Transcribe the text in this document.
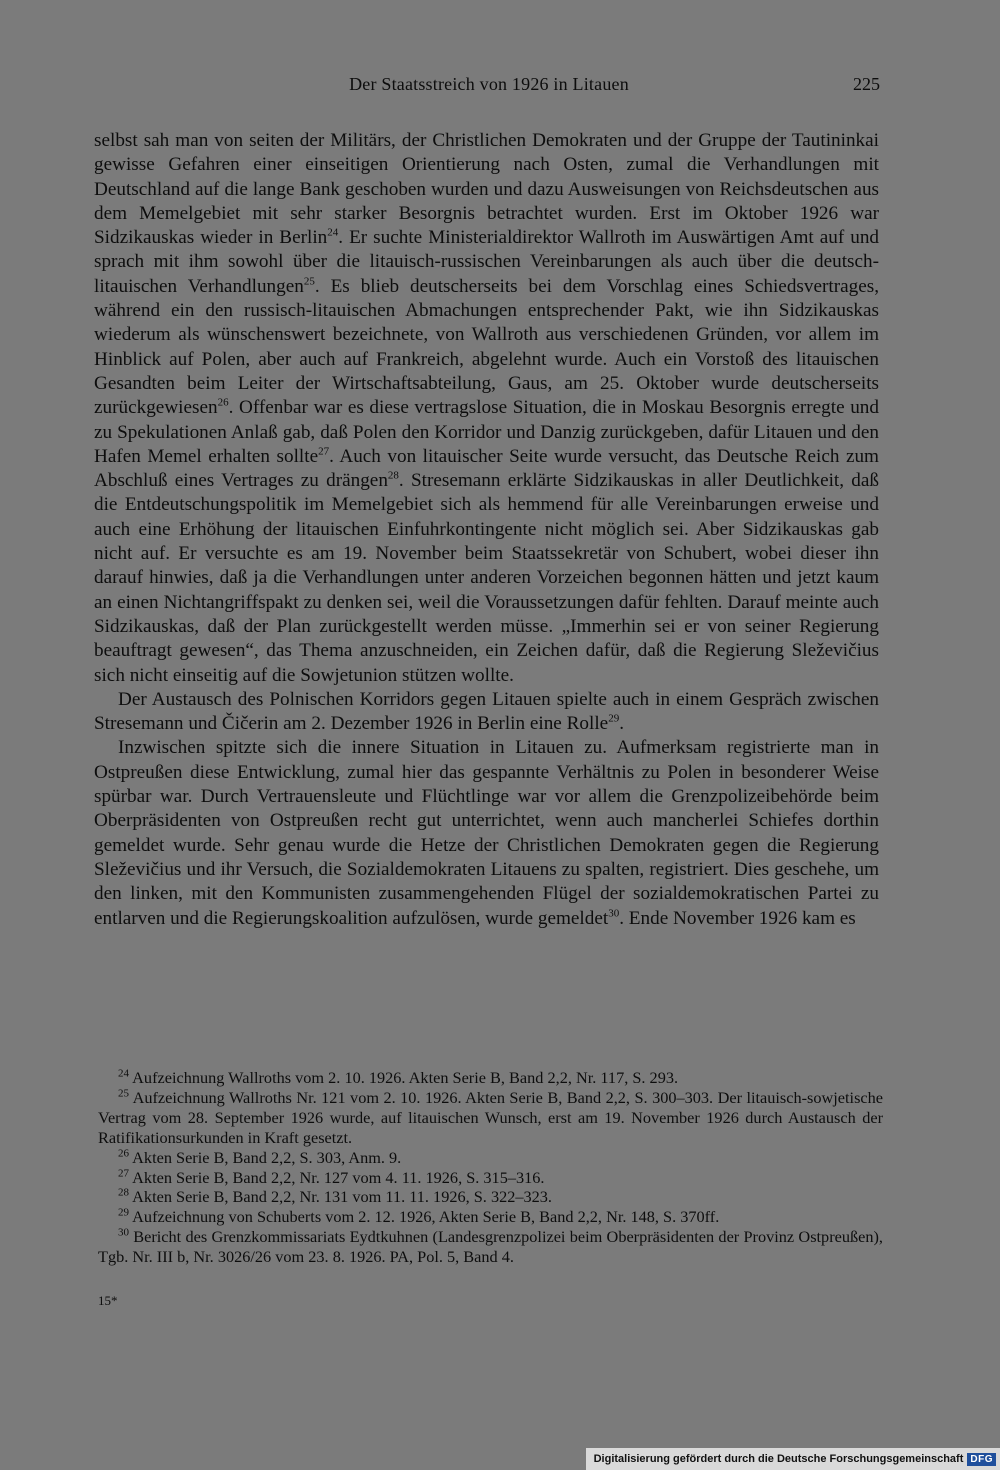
Der Staatsstreich von 1926 in Litauen	225

selbst sah man von seiten der Militärs, der Christlichen Demokraten und der Gruppe der Tautininkai gewisse Gefahren einer einseitigen Orientierung nach Osten, zumal die Verhandlungen mit Deutschland auf die lange Bank geschoben wurden und dazu Ausweisungen von Reichsdeutschen aus dem Memelgebiet mit sehr starker Besorgnis betrachtet wurden. Erst im Oktober 1926 war Sidzikauskas wieder in Berlin$^{24}$. Er suchte Ministerialdirektor Wallroth im Auswärtigen Amt auf und sprach mit ihm sowohl über die litauisch-russischen Vereinbarungen als auch über die deutsch-litauischen Verhandlungen$^{25}$. Es blieb deutscherseits bei dem Vorschlag eines Schiedsvertrages, während ein den russisch-litauischen Abmachungen entsprechender Pakt, wie ihn Sidzikauskas wiederum als wünschenswert bezeichnete, von Wallroth aus verschiedenen Gründen, vor allem im Hinblick auf Polen, aber auch auf Frankreich, abgelehnt wurde. Auch ein Vorstoß des litauischen Gesandten beim Leiter der Wirtschaftsabteilung, Gaus, am 25. Oktober wurde deutscherseits zurückgewiesen$^{26}$. Offenbar war es diese vertragslose Situation, die in Moskau Besorgnis erregte und zu Spekulationen Anlaß gab, daß Polen den Korridor und Danzig zurückgeben, dafür Litauen und den Hafen Memel erhalten sollte$^{27}$. Auch von litauischer Seite wurde versucht, das Deutsche Reich zum Abschluß eines Vertrages zu drängen$^{28}$. Stresemann erklärte Sidzikauskas in aller Deutlichkeit, daß die Entdeutschungspolitik im Memelgebiet sich als hemmend für alle Vereinbarungen erweise und auch eine Erhöhung der litauischen Einfuhrkontingente nicht möglich sei. Aber Sidzikauskas gab nicht auf. Er versuchte es am 19. November beim Staatssekretär von Schubert, wobei dieser ihn darauf hinwies, daß ja die Verhandlungen unter anderen Vorzeichen begonnen hätten und jetzt kaum an einen Nichtangriffspakt zu denken sei, weil die Voraussetzungen dafür fehlten. Darauf meinte auch Sidzikauskas, daß der Plan zurückgestellt werden müsse. „Immerhin sei er von seiner Regierung beauftragt gewesen“, das Thema anzuschneiden, ein Zeichen dafür, daß die Regierung Sleževičius sich nicht einseitig auf die Sowjetunion stützen wollte.

Der Austausch des Polnischen Korridors gegen Litauen spielte auch in einem Gespräch zwischen Stresemann und Čičerin am 2. Dezember 1926 in Berlin eine Rolle$^{29}$.

Inzwischen spitzte sich die innere Situation in Litauen zu. Aufmerksam registrierte man in Ostpreußen diese Entwicklung, zumal hier das gespannte Verhältnis zu Polen in besonderer Weise spürbar war. Durch Vertrauensleute und Flüchtlinge war vor allem die Grenzpolizeibehörde beim Oberpräsidenten von Ostpreußen recht gut unterrichtet, wenn auch mancherlei Schiefes dorthin gemeldet wurde. Sehr genau wurde die Hetze der Christlichen Demokraten gegen die Regierung Sleževičius und ihr Versuch, die Sozialdemokraten Litauens zu spalten, registriert. Dies geschehe, um den linken, mit den Kommunisten zusammengehenden Flügel der sozialdemokratischen Partei zu entlarven und die Regierungskoalition aufzulösen, wurde gemeldet$^{30}$. Ende November 1926 kam es

$^{24}$ Aufzeichnung Wallroths vom 2. 10. 1926. Akten Serie B, Band 2,2, Nr. 117, S. 293.

$^{25}$ Aufzeichnung Wallroths Nr. 121 vom 2. 10. 1926. Akten Serie B, Band 2,2, S. 300–303. Der litauisch-sowjetische Vertrag vom 28. September 1926 wurde, auf litauischen Wunsch, erst am 19. November 1926 durch Austausch der Ratifikationsurkunden in Kraft gesetzt.

$^{26}$ Akten Serie B, Band 2,2, S. 303, Anm. 9.

$^{27}$ Akten Serie B, Band 2,2, Nr. 127 vom 4. 11. 1926, S. 315–316.

$^{28}$ Akten Serie B, Band 2,2, Nr. 131 vom 11. 11. 1926, S. 322–323.

$^{29}$ Aufzeichnung von Schuberts vom 2. 12. 1926, Akten Serie B, Band 2,2, Nr. 148, S. 370ff.

$^{30}$ Bericht des Grenzkommissariats Eydtkuhnen (Landesgrenzpolizei beim Oberpräsidenten der Provinz Ostpreußen), Tgb. Nr. III b, Nr. 3026/26 vom 23. 8. 1926. PA, Pol. 5, Band 4.

15*
Digitalisierung gefördert durch die Deutsche Forschungsgemeinschaft DFG
